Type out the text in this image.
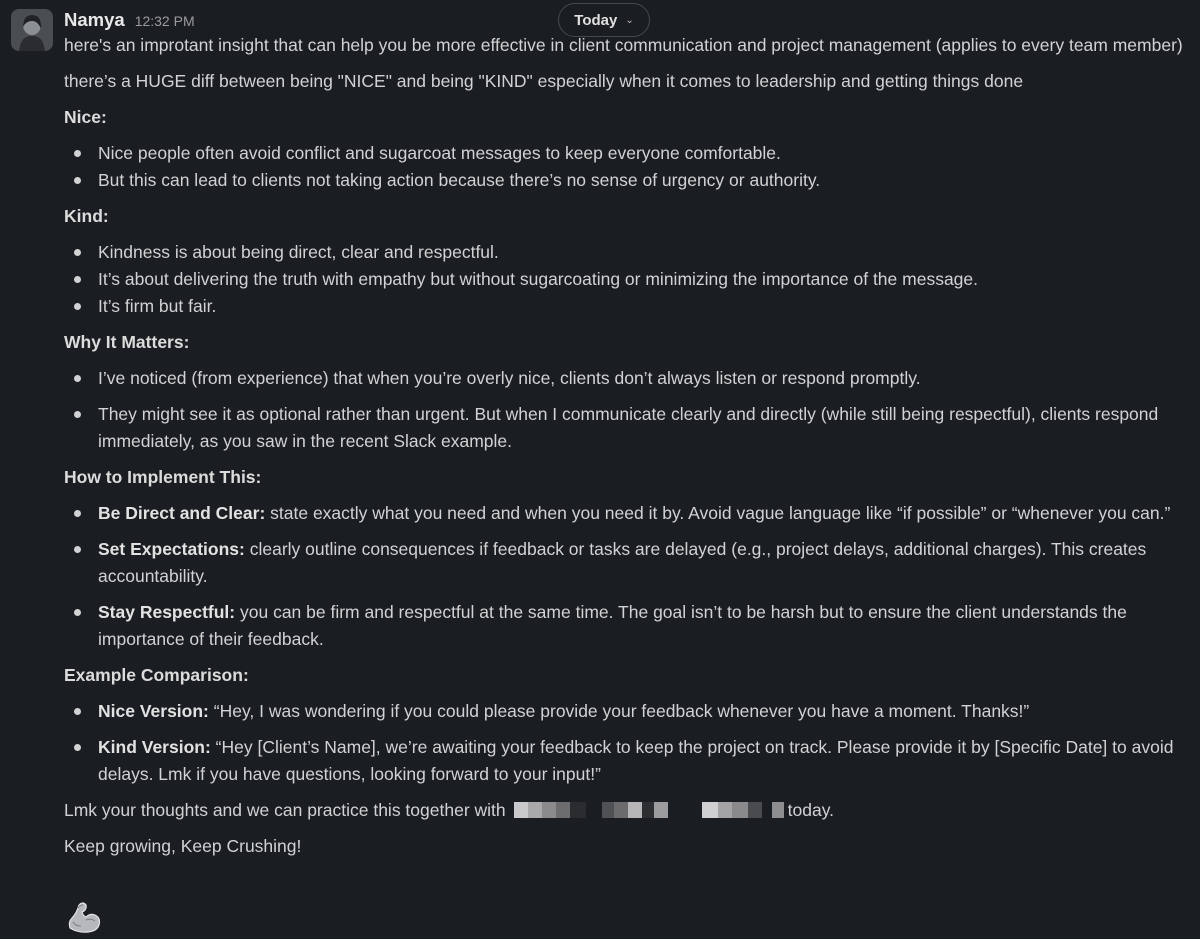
Namya 12:32 PM	Today ⌄

here's an improtant insight that can help you be more effective in client communication and project management (applies to every team member)

there’s a HUGE diff between being "NICE" and being "KIND" especially when it comes to leadership and getting things done

Nice:
Nice people often avoid conflict and sugarcoat messages to keep everyone comfortable.
But this can lead to clients not taking action because there’s no sense of urgency or authority.
Kind:
Kindness is about being direct, clear and respectful.
It’s about delivering the truth with empathy but without sugarcoating or minimizing the importance of the message.
It’s firm but fair.
Why It Matters:
I’ve noticed (from experience) that when you’re overly nice, clients don’t always listen or respond promptly.
They might see it as optional rather than urgent. But when I communicate clearly and directly (while still being respectful), clients respond immediately, as you saw in the recent Slack example.
How to Implement This:
Be Direct and Clear: state exactly what you need and when you need it by. Avoid vague language like “if possible” or “whenever you can.”
Set Expectations: clearly outline consequences if feedback or tasks are delayed (e.g., project delays, additional charges). This creates accountability.
Stay Respectful: you can be firm and respectful at the same time. The goal isn’t to be harsh but to ensure the client understands the importance of their feedback.
Example Comparison:
Nice Version: “Hey, I was wondering if you could please provide your feedback whenever you have a moment. Thanks!”
Kind Version: “Hey [Client’s Name], we’re awaiting your feedback to keep the project on track. Please provide it by [Specific Date] to avoid delays. Lmk if you have questions, looking forward to your input!”

Lmk your thoughts and we can practice this together with	today.

Keep growing, Keep Crushing!
